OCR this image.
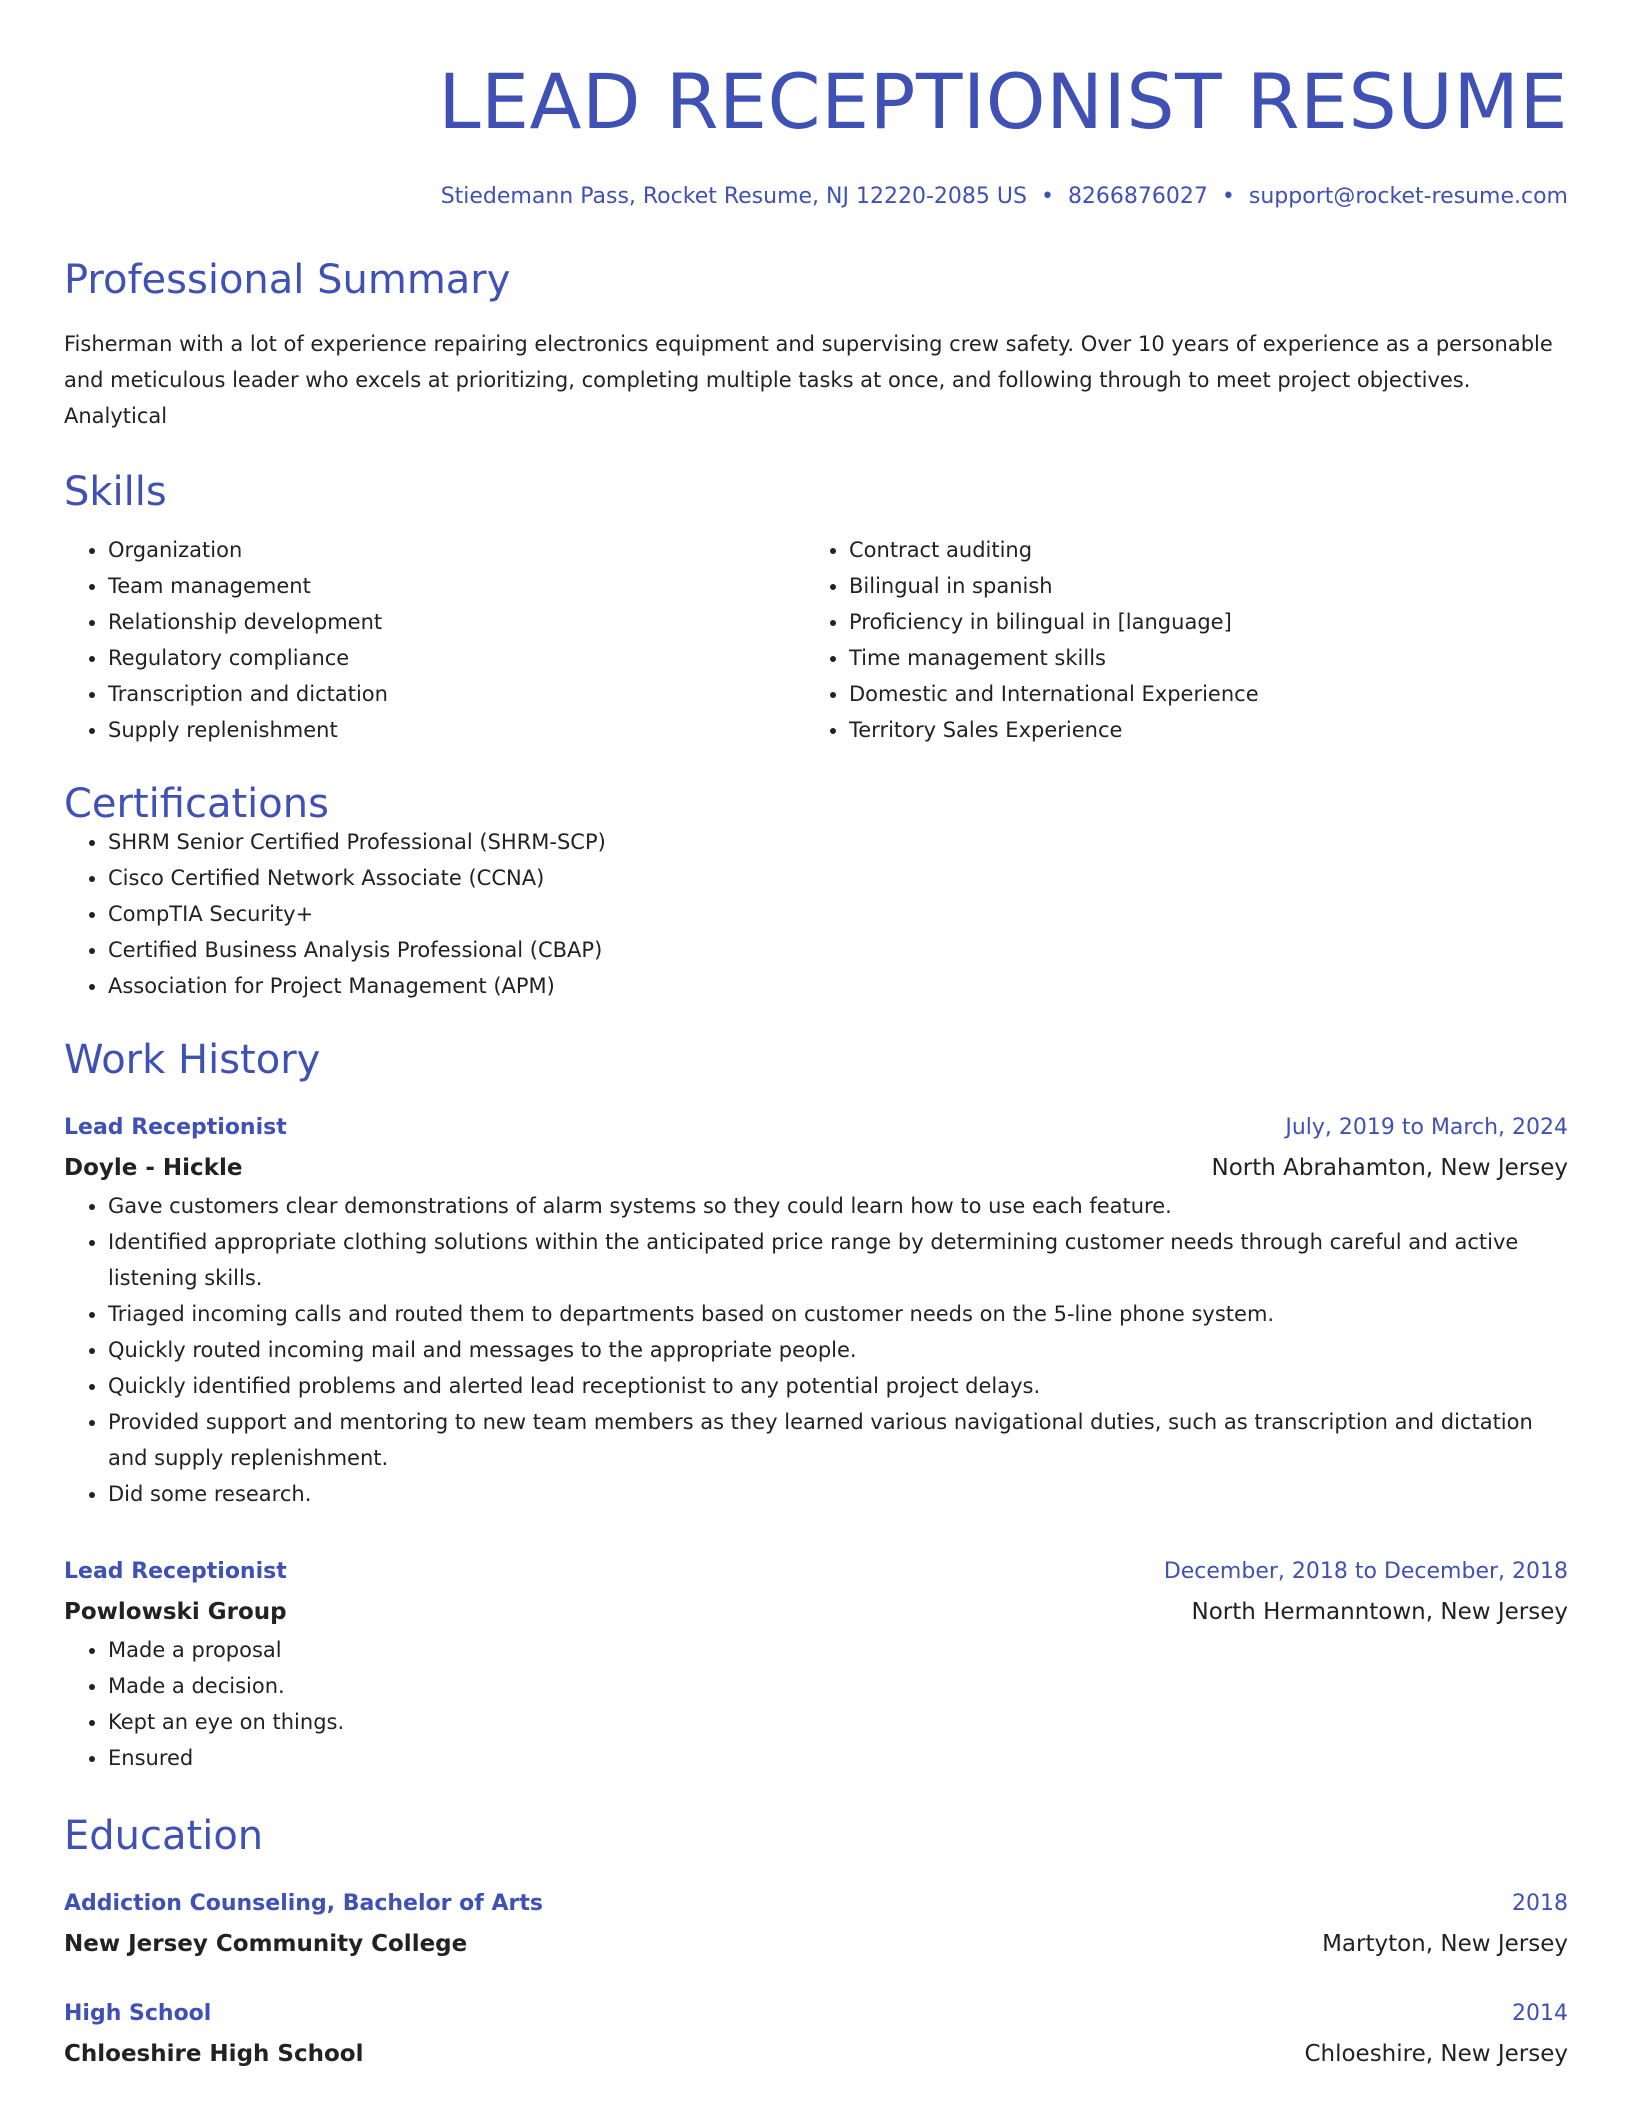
LEAD RECEPTIONIST RESUME
Stiedemann Pass, Rocket Resume, NJ 12220-2085 US • 8266876027 • support@rocket-resume.com
Professional Summary
Fisherman with a lot of experience repairing electronics equipment and supervising crew safety. Over 10 years of experience as a personable and meticulous leader who excels at prioritizing, completing multiple tasks at once, and following through to meet project objectives. Analytical
Skills
• Organization
• Team management
• Relationship development
• Regulatory compliance
• Transcription and dictation
• Supply replenishment
• Contract auditing
• Bilingual in spanish
• Proficiency in bilingual in [language]
• Time management skills
• Domestic and International Experience
• Territory Sales Experience
Certifications
• SHRM Senior Certified Professional (SHRM-SCP)
• Cisco Certified Network Associate (CCNA)
• CompTIA Security+
• Certified Business Analysis Professional (CBAP)
• Association for Project Management (APM)
Work History
Lead Receptionist	July, 2019 to March, 2024
Doyle - Hickle	North Abrahamton, New Jersey
• Gave customers clear demonstrations of alarm systems so they could learn how to use each feature.
• Identified appropriate clothing solutions within the anticipated price range by determining customer needs through careful and active listening skills.
• Triaged incoming calls and routed them to departments based on customer needs on the 5-line phone system.
• Quickly routed incoming mail and messages to the appropriate people.
• Quickly identified problems and alerted lead receptionist to any potential project delays.
• Provided support and mentoring to new team members as they learned various navigational duties, such as transcription and dictation and supply replenishment.
• Did some research.
Lead Receptionist	December, 2018 to December, 2018
Powlowski Group	North Hermanntown, New Jersey
• Made a proposal
• Made a decision.
• Kept an eye on things.
• Ensured
Education
Addiction Counseling, Bachelor of Arts	2018
New Jersey Community College	Martyton, New Jersey
High School	2014
Chloeshire High School	Chloeshire, New Jersey
